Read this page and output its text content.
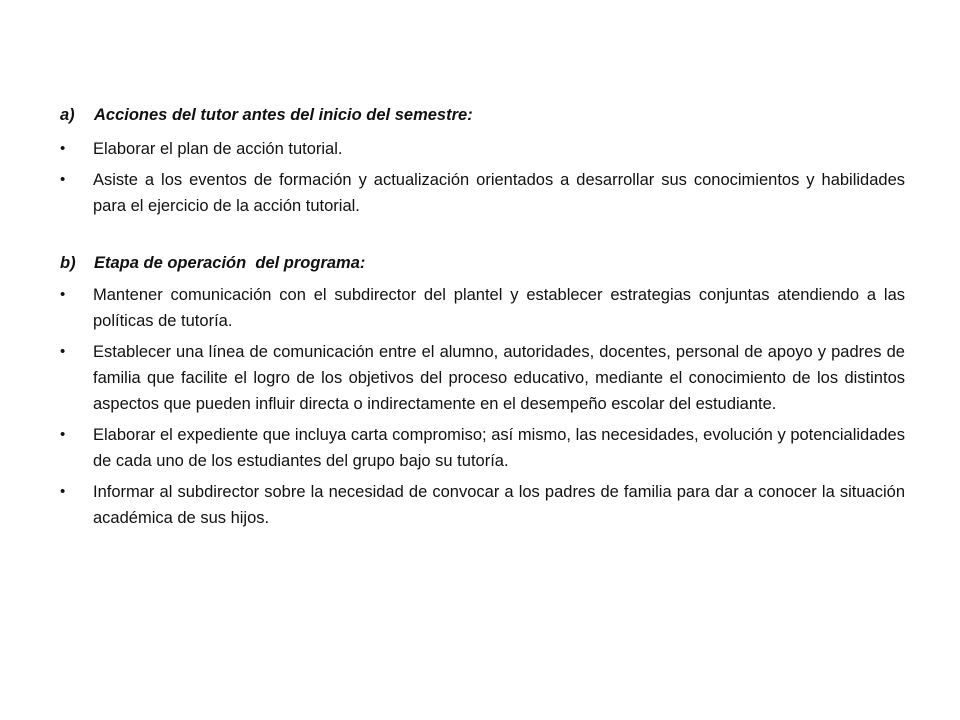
a) Acciones del tutor antes del inicio del semestre:
• Elaborar el plan de acción tutorial.
• Asiste a los eventos de formación y actualización orientados a desarrollar sus conocimientos y habilidades para el ejercicio de la acción tutorial.
b) Etapa de operación  del programa:
• Mantener comunicación con el subdirector del plantel y establecer estrategias conjuntas atendiendo a las políticas de tutoría.
• Establecer una línea de comunicación entre el alumno, autoridades, docentes, personal de apoyo y padres de familia que facilite el logro de los objetivos del proceso educativo, mediante el conocimiento de los distintos aspectos que pueden influir directa o indirectamente en el desempeño escolar del estudiante.
• Elaborar el expediente que incluya carta compromiso; así mismo, las necesidades, evolución y potencialidades de cada uno de los estudiantes del grupo bajo su tutoría.
• Informar al subdirector sobre la necesidad de convocar a los padres de familia para dar a conocer la situación académica de sus hijos.
